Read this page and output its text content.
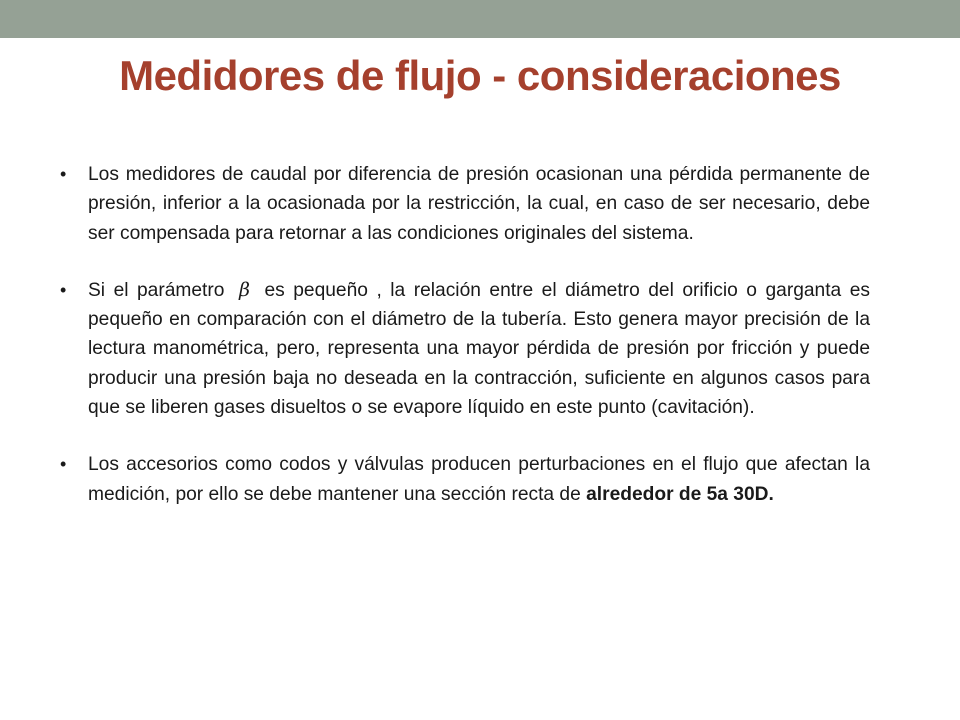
Medidores de flujo - consideraciones
•	Los medidores de caudal por diferencia de presión ocasionan una pérdida permanente de presión, inferior a la ocasionada por la restricción, la cual, en caso de ser necesario, debe ser compensada para retornar a las condiciones originales del sistema.
•	Si el parámetro β es pequeño , la relación entre el diámetro del orificio o garganta es pequeño en comparación con el diámetro de la tubería. Esto genera mayor precisión de la lectura manométrica, pero, representa una mayor pérdida de presión por fricción y puede producir una presión baja no deseada en la contracción, suficiente en algunos casos para que se liberen gases disueltos o se evapore líquido en este punto (cavitación).
•	Los accesorios como codos y válvulas producen perturbaciones en el flujo que afectan la medición, por ello se debe mantener una sección recta de alrededor de 5a 30D.
